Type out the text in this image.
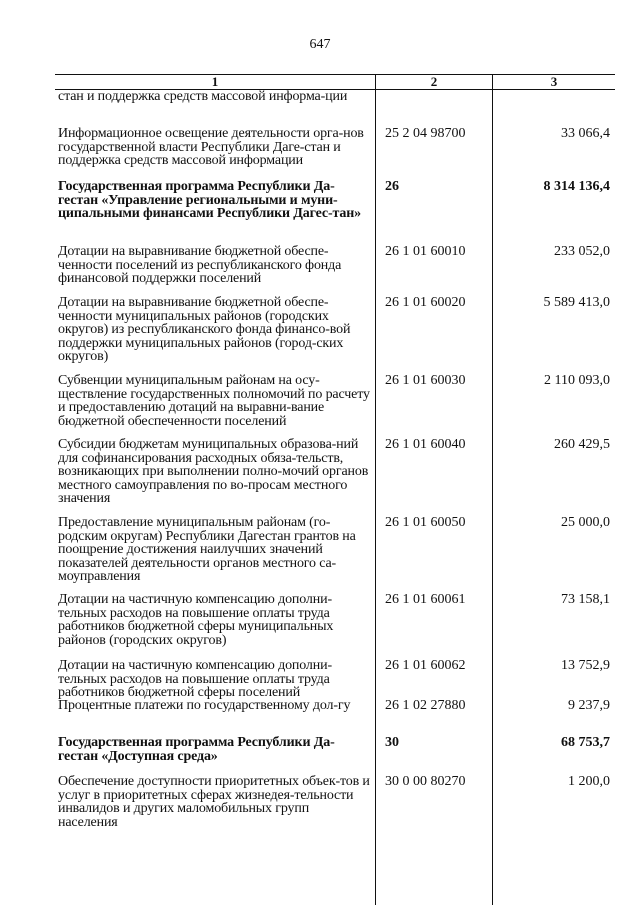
647
1	2	3
стан и поддержка средств массовой информа-ции
Информационное освещение деятельности орга-нов государственной власти Республики Даге-стан и поддержка средств массовой информации
25 2 04 98700	33 066,4
Государственная программа Республики Да-гестан «Управление региональными и муни-ципальными финансами Республики Дагес-тан»
26	8 314 136,4
Дотации на выравнивание бюджетной обеспе-ченности поселений из республиканского фонда финансовой поддержки поселений
26 1 01 60010	233 052,0
Дотации на выравнивание бюджетной обеспе-ченности муниципальных районов (городских округов) из республиканского фонда финансо-вой поддержки муниципальных районов (город-ских округов)
26 1 01 60020	5 589 413,0
Субвенции муниципальным районам на осу-ществление государственных полномочий по расчету и предоставлению дотаций на выравни-вание бюджетной обеспеченности поселений
26 1 01 60030	2 110 093,0
Субсидии бюджетам муниципальных образова-ний для софинансирования расходных обяза-тельств, возникающих при выполнении полно-мочий органов местного самоуправления по во-просам местного значения
26 1 01 60040	260 429,5
Предоставление муниципальным районам (го-родским округам) Республики Дагестан грантов на поощрение достижения наилучших значений показателей деятельности органов местного са-моуправления
26 1 01 60050	25 000,0
Дотации на частичную компенсацию дополни-тельных расходов на повышение оплаты труда работников бюджетной сферы муниципальных районов (городских округов)
26 1 01 60061	73 158,1
Дотации на частичную компенсацию дополни-тельных расходов на повышение оплаты труда работников бюджетной сферы поселений
26 1 01 60062	13 752,9
Процентные платежи по государственному дол-гу	26 1 02 27880	9 237,9
Государственная программа Республики Да-гестан «Доступная среда»
30	68 753,7
Обеспечение доступности приоритетных объек-тов и услуг в приоритетных сферах жизнедея-тельности инвалидов и других маломобильных групп населения
30 0 00 80270	1 200,0
